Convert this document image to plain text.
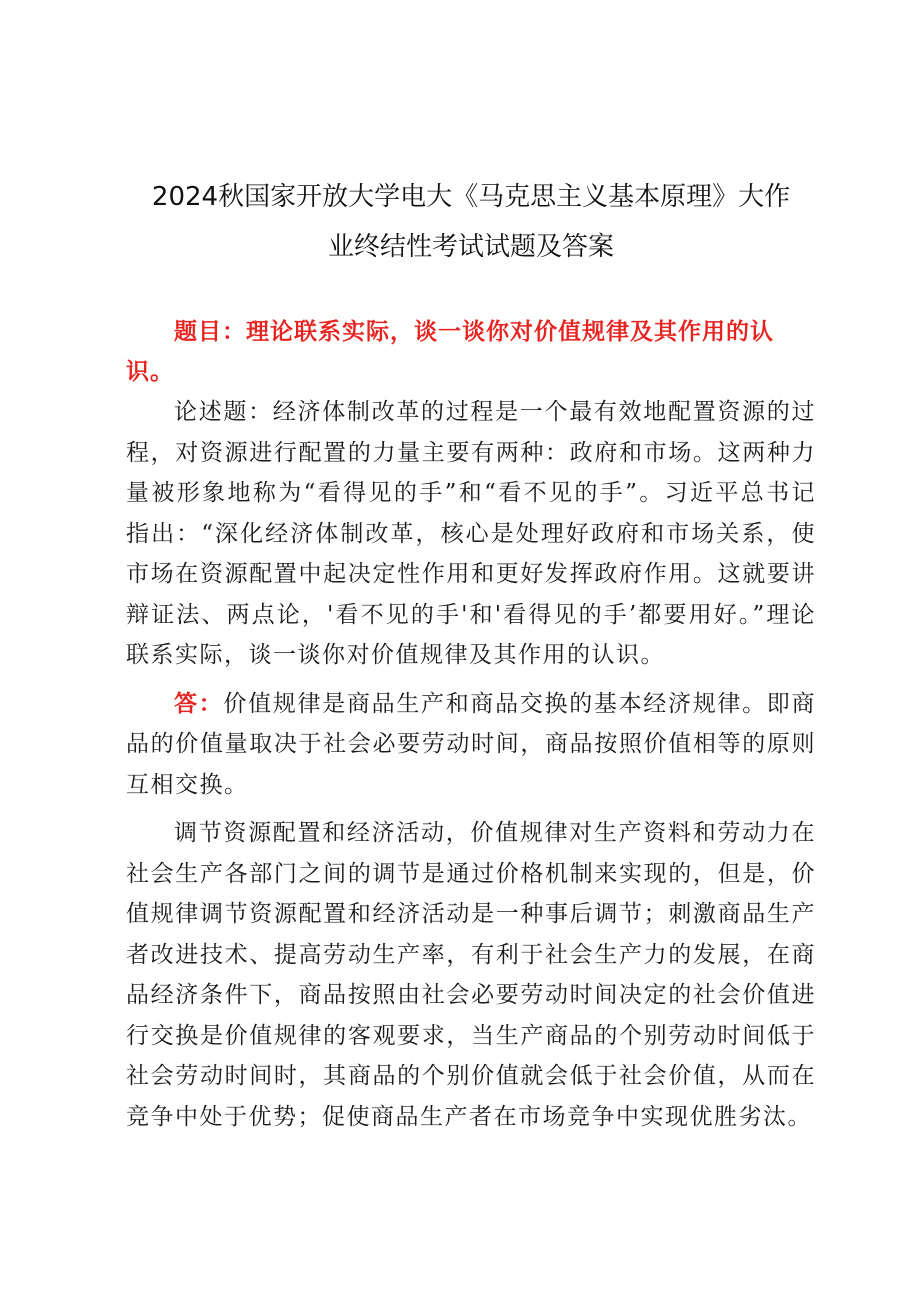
2024秋国家开放大学电大《马克思主义基本原理》大作
业终结性考试试题及答案

题目：理论联系实际，谈一谈你对价值规律及其作用的认识。

论述题：经济体制改革的过程是一个最有效地配置资源的过程，对资源进行配置的力量主要有两种：政府和市场。这两种力量被形象地称为“看得见的手”和“看不见的手”。习近平总书记指出：“深化经济体制改革，核心是处理好政府和市场关系，使市场在资源配置中起决定性作用和更好发挥政府作用。这就要讲辩证法、两点论，'看不见的手'和'看得见的手’都要用好。”理论联系实际，谈一谈你对价值规律及其作用的认识。

答：价值规律是商品生产和商品交换的基本经济规律。即商品的价值量取决于社会必要劳动时间，商品按照价值相等的原则互相交换。

调节资源配置和经济活动，价值规律对生产资料和劳动力在社会生产各部门之间的调节是通过价格机制来实现的，但是，价值规律调节资源配置和经济活动是一种事后调节；刺激商品生产者改进技术、提高劳动生产率，有利于社会生产力的发展，在商品经济条件下，商品按照由社会必要劳动时间决定的社会价值进行交换是价值规律的客观要求，当生产商品的个别劳动时间低于社会劳动时间时，其商品的个别价值就会低于社会价值，从而在竞争中处于优势；促使商品生产者在市场竞争中实现优胜劣汰。
